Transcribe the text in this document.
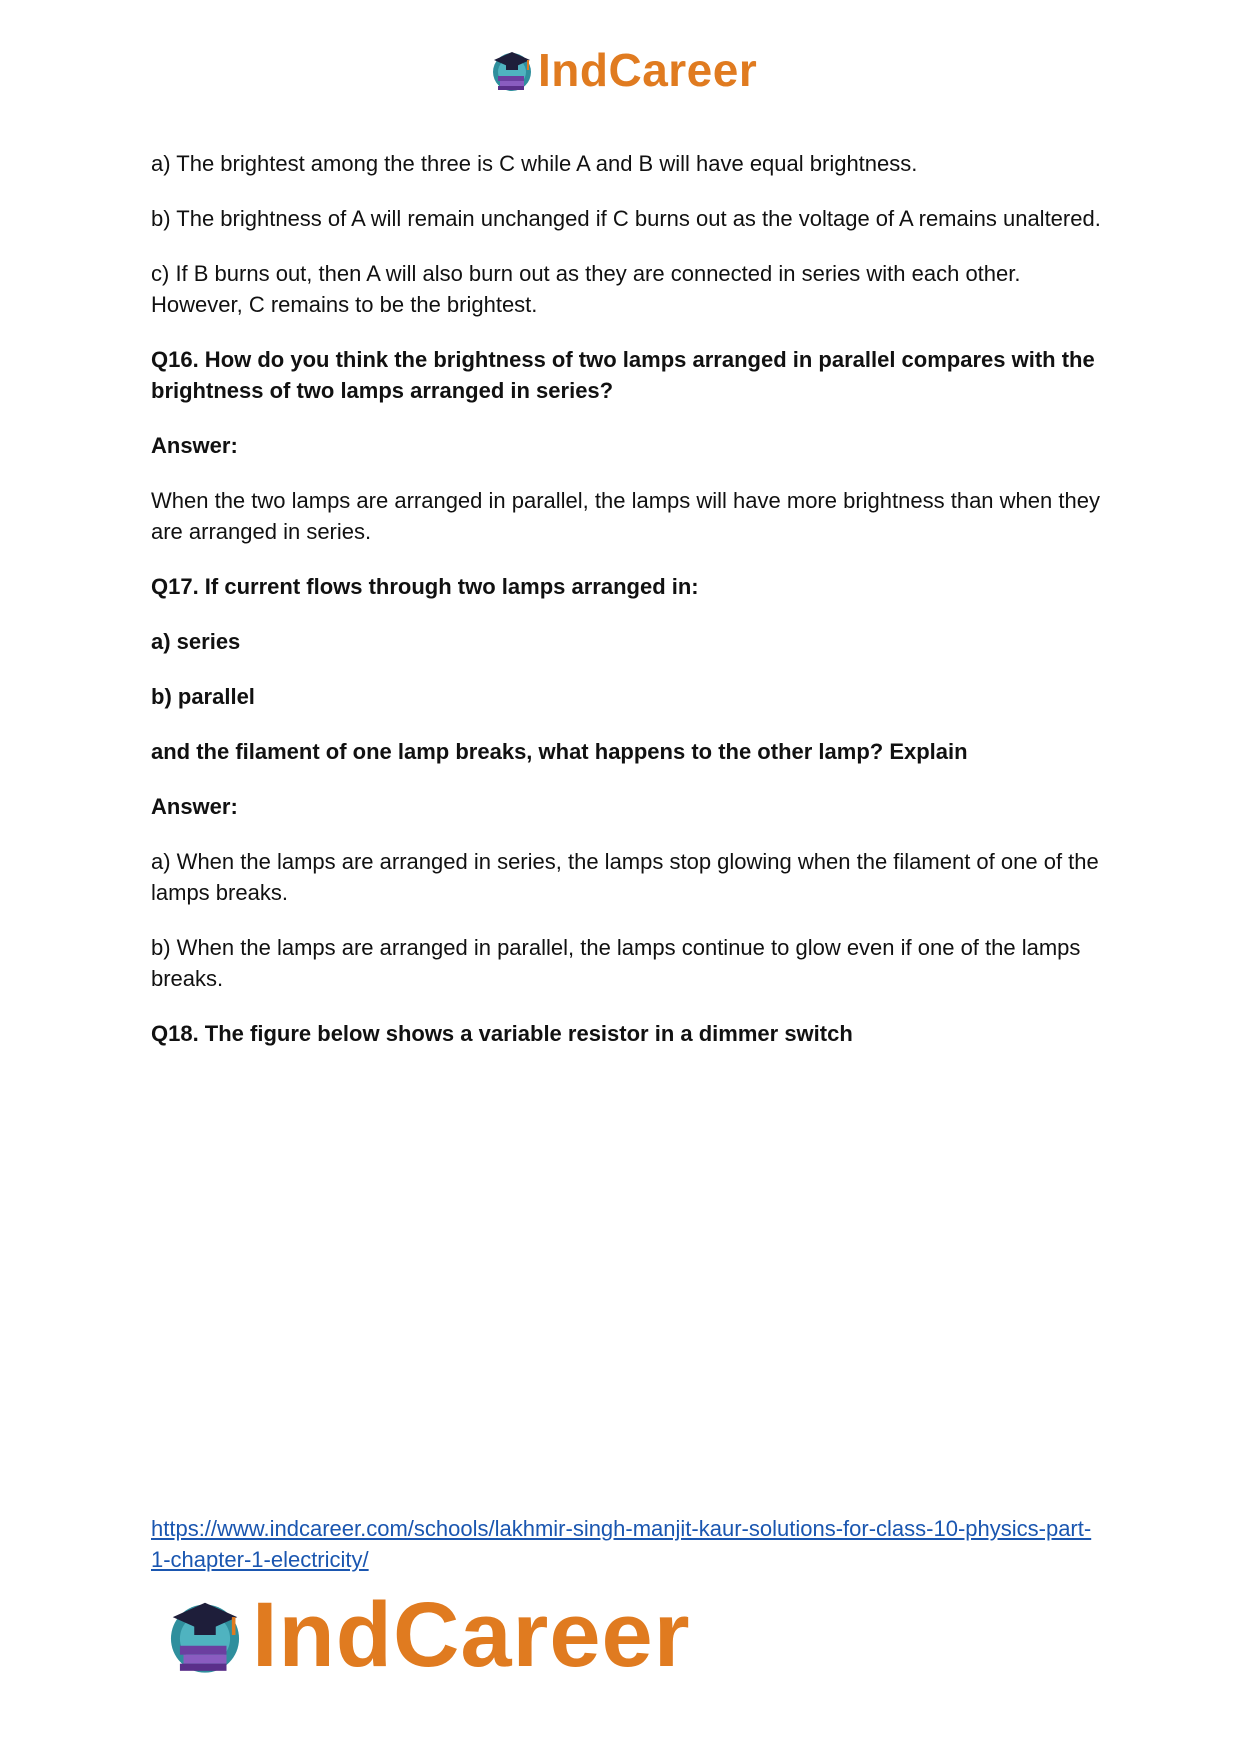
IndCareer

a) The brightest among the three is C while A and B will have equal brightness.

b) The brightness of A will remain unchanged if C burns out as the voltage of A remains unaltered.

c) If B burns out, then A will also burn out as they are connected in series with each other. However, C remains to be the brightest.

Q16. How do you think the brightness of two lamps arranged in parallel compares with the brightness of two lamps arranged in series?

Answer:

When the two lamps are arranged in parallel, the lamps will have more brightness than when they are arranged in series.

Q17. If current flows through two lamps arranged in:

a) series

b) parallel

and the filament of one lamp breaks, what happens to the other lamp? Explain

Answer:

a) When the lamps are arranged in series, the lamps stop glowing when the filament of one of the lamps breaks.

b) When the lamps are arranged in parallel, the lamps continue to glow even if one of the lamps breaks.

Q18. The figure below shows a variable resistor in a dimmer switch

https://www.indcareer.com/schools/lakhmir-singh-manjit-kaur-solutions-for-class-10-physics-part-1-chapter-1-electricity/
IndCareer
